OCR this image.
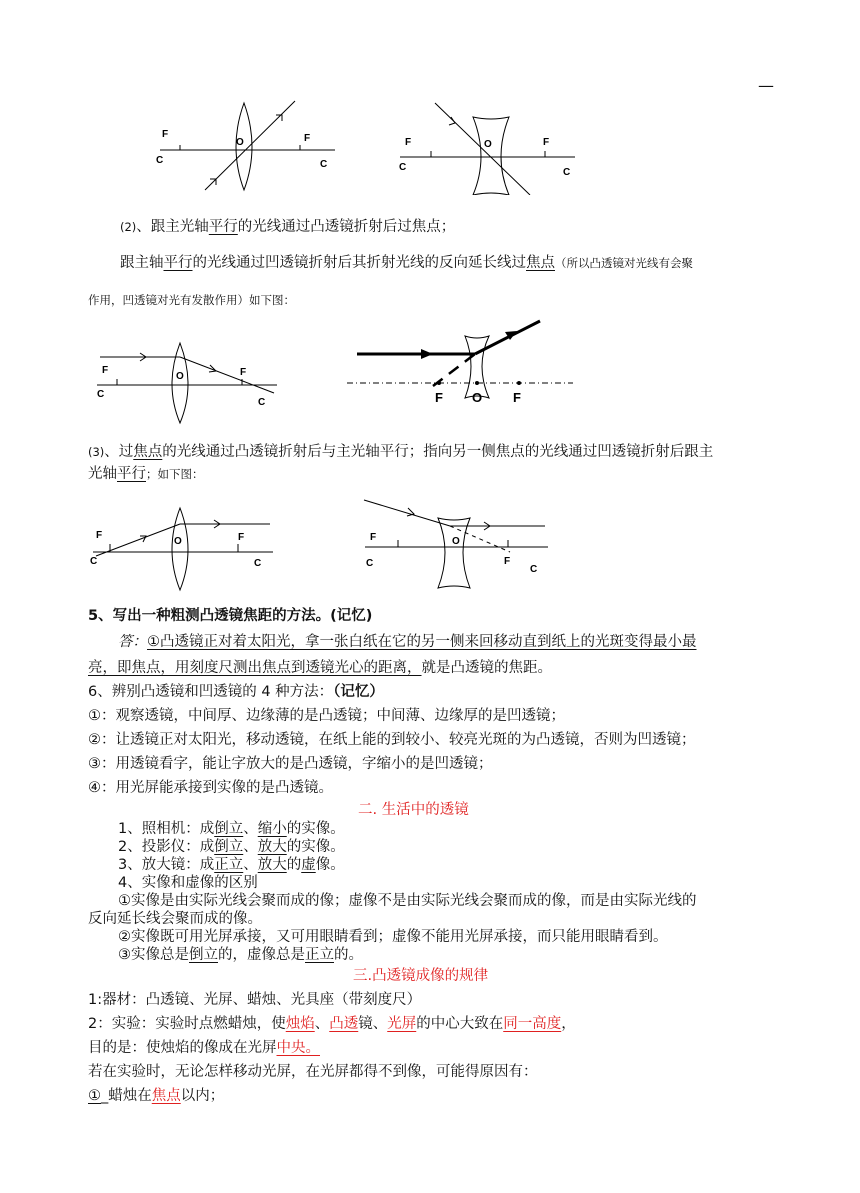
—
F
C
O	F
C
F
C
O	F
C
(2)、跟主光轴平行的光线通过凸透镜折射后过焦点；
跟主轴平行的光线通过凹透镜折射后其折射光线的反向延长线过焦点（所以凸透镜对光线有会聚
作用，凹透镜对光有发散作用）如下图：
F
C
O	F
C	F O F
(3)、过焦点的光线通过凸透镜折射后与主光轴平行；指向另一侧焦点的光线通过凹透镜折射后跟主
光轴平行；如下图：
F
C
O	F
C
F
C
O
F
C
5、写出一种粗测凸透镜焦距的方法。(记忆)
答：①凸透镜正对着太阳光，拿一张白纸在它的另一侧来回移动直到纸上的光斑变得最小最
亮，即焦点，用刻度尺测出焦点到透镜光心的距离，就是凸透镜的焦距。
6、辨别凸透镜和凹透镜的 4 种方法：（记忆）
①：观察透镜，中间厚、边缘薄的是凸透镜；中间薄、边缘厚的是凹透镜；
②：让透镜正对太阳光，移动透镜，在纸上能的到较小、较亮光斑的为凸透镜，否则为凹透镜；
③：用透镜看字，能让字放大的是凸透镜，字缩小的是凹透镜；
④：用光屏能承接到实像的是凸透镜。
二. 生活中的透镜
1、照相机：成倒立、缩小的实像。
2、投影仪：成倒立、放大的实像。
3、放大镜：成正立、放大的虚像。
4、实像和虚像的区别
①实像是由实际光线会聚而成的像；虚像不是由实际光线会聚而成的像，而是由实际光线的
反向延长线会聚而成的像。
②实像既可用光屏承接，又可用眼睛看到；虚像不能用光屏承接，而只能用眼睛看到。
③实像总是倒立的，虚像总是正立的。
三.凸透镜成像的规律
1:器材：凸透镜、光屏、蜡烛、光具座（带刻度尺）
2：实验：实验时点燃蜡烛，使烛焰、凸透镜、光屏的中心大致在同一高度，
目的是：使烛焰的像成在光屏中央。
若在实验时，无论怎样移动光屏，在光屏都得不到像，可能得原因有：
①_蜡烛在焦点以内；
